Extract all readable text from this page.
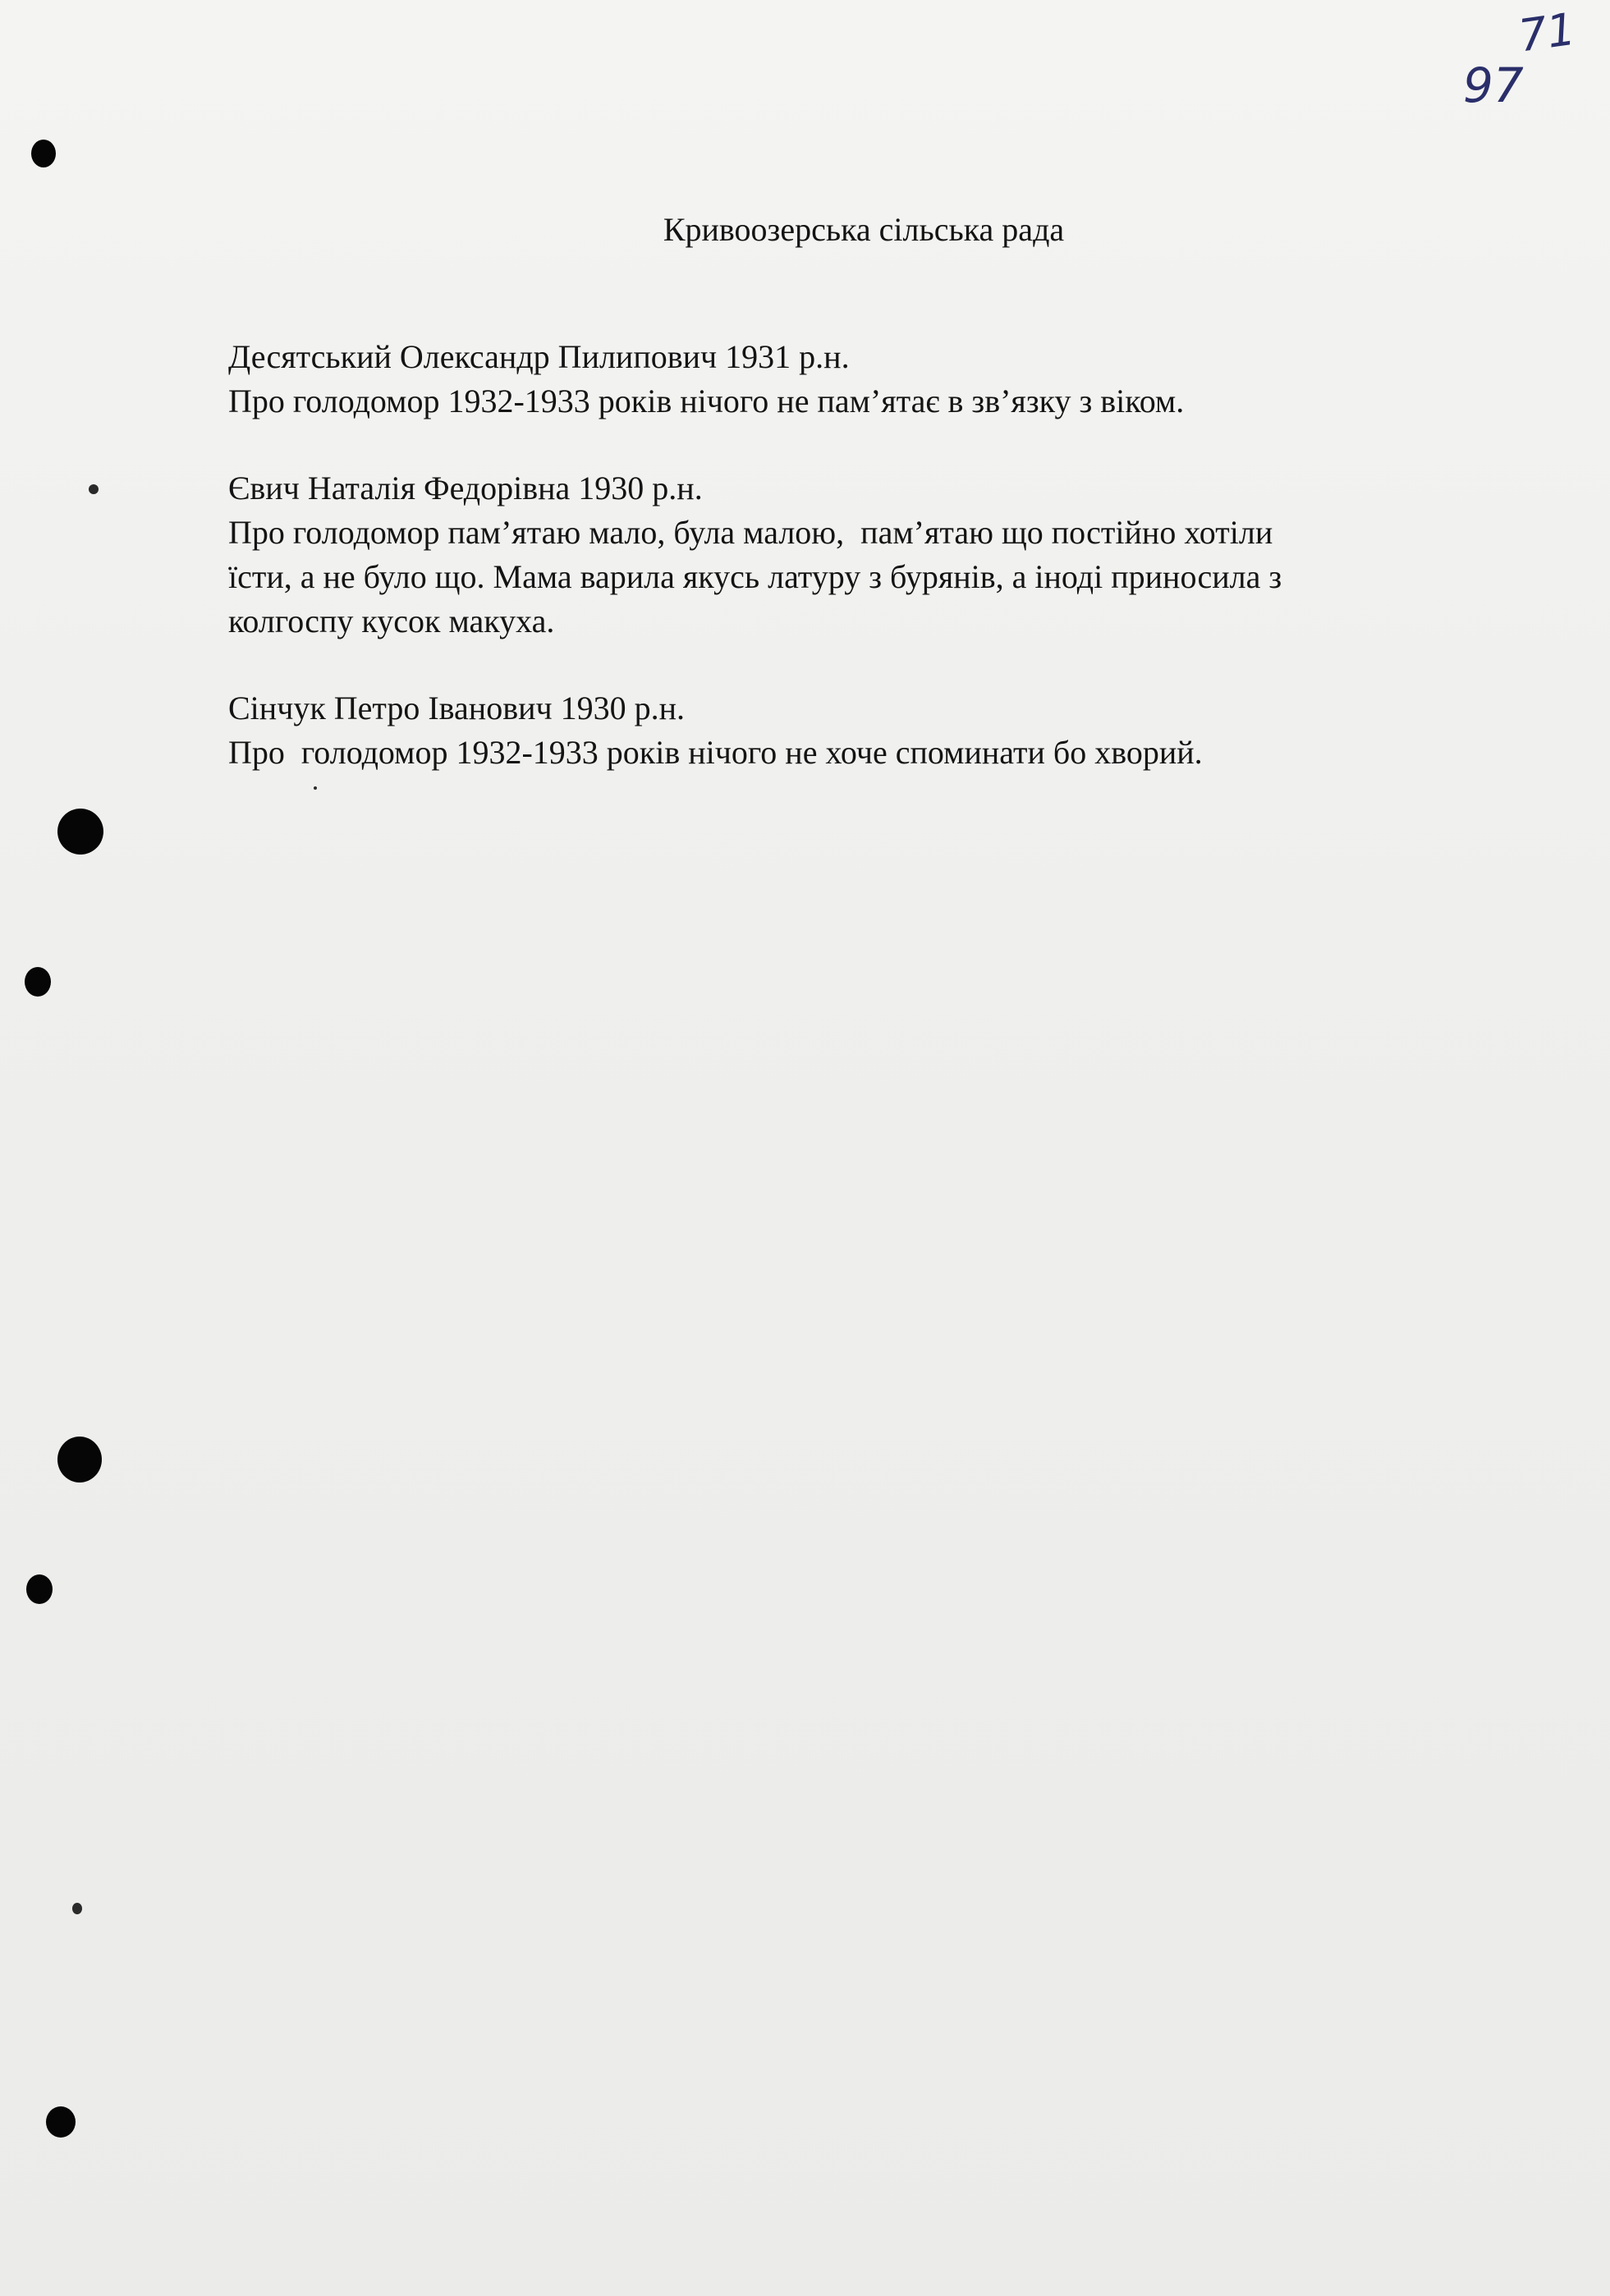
71
97
Кривоозерська сільська рада

Десятський Олександр Пилипович 1931 р.н.

Про голодомор 1932-1933 років нічого не пам’ятає в зв’язку з віком.

Євич Наталія Федорівна 1930 р.н.

Про голодомор пам’ятаю мало, була малою,  пам’ятаю що постійно хотіли

їсти, а не було що. Мама варила якусь латуру з бурянів, а іноді приносила з

колгоспу кусок макуха.

Сінчук Петро Іванович 1930 р.н.

Про  голодомор 1932-1933 років нічого не хоче споминати бо хворий.
